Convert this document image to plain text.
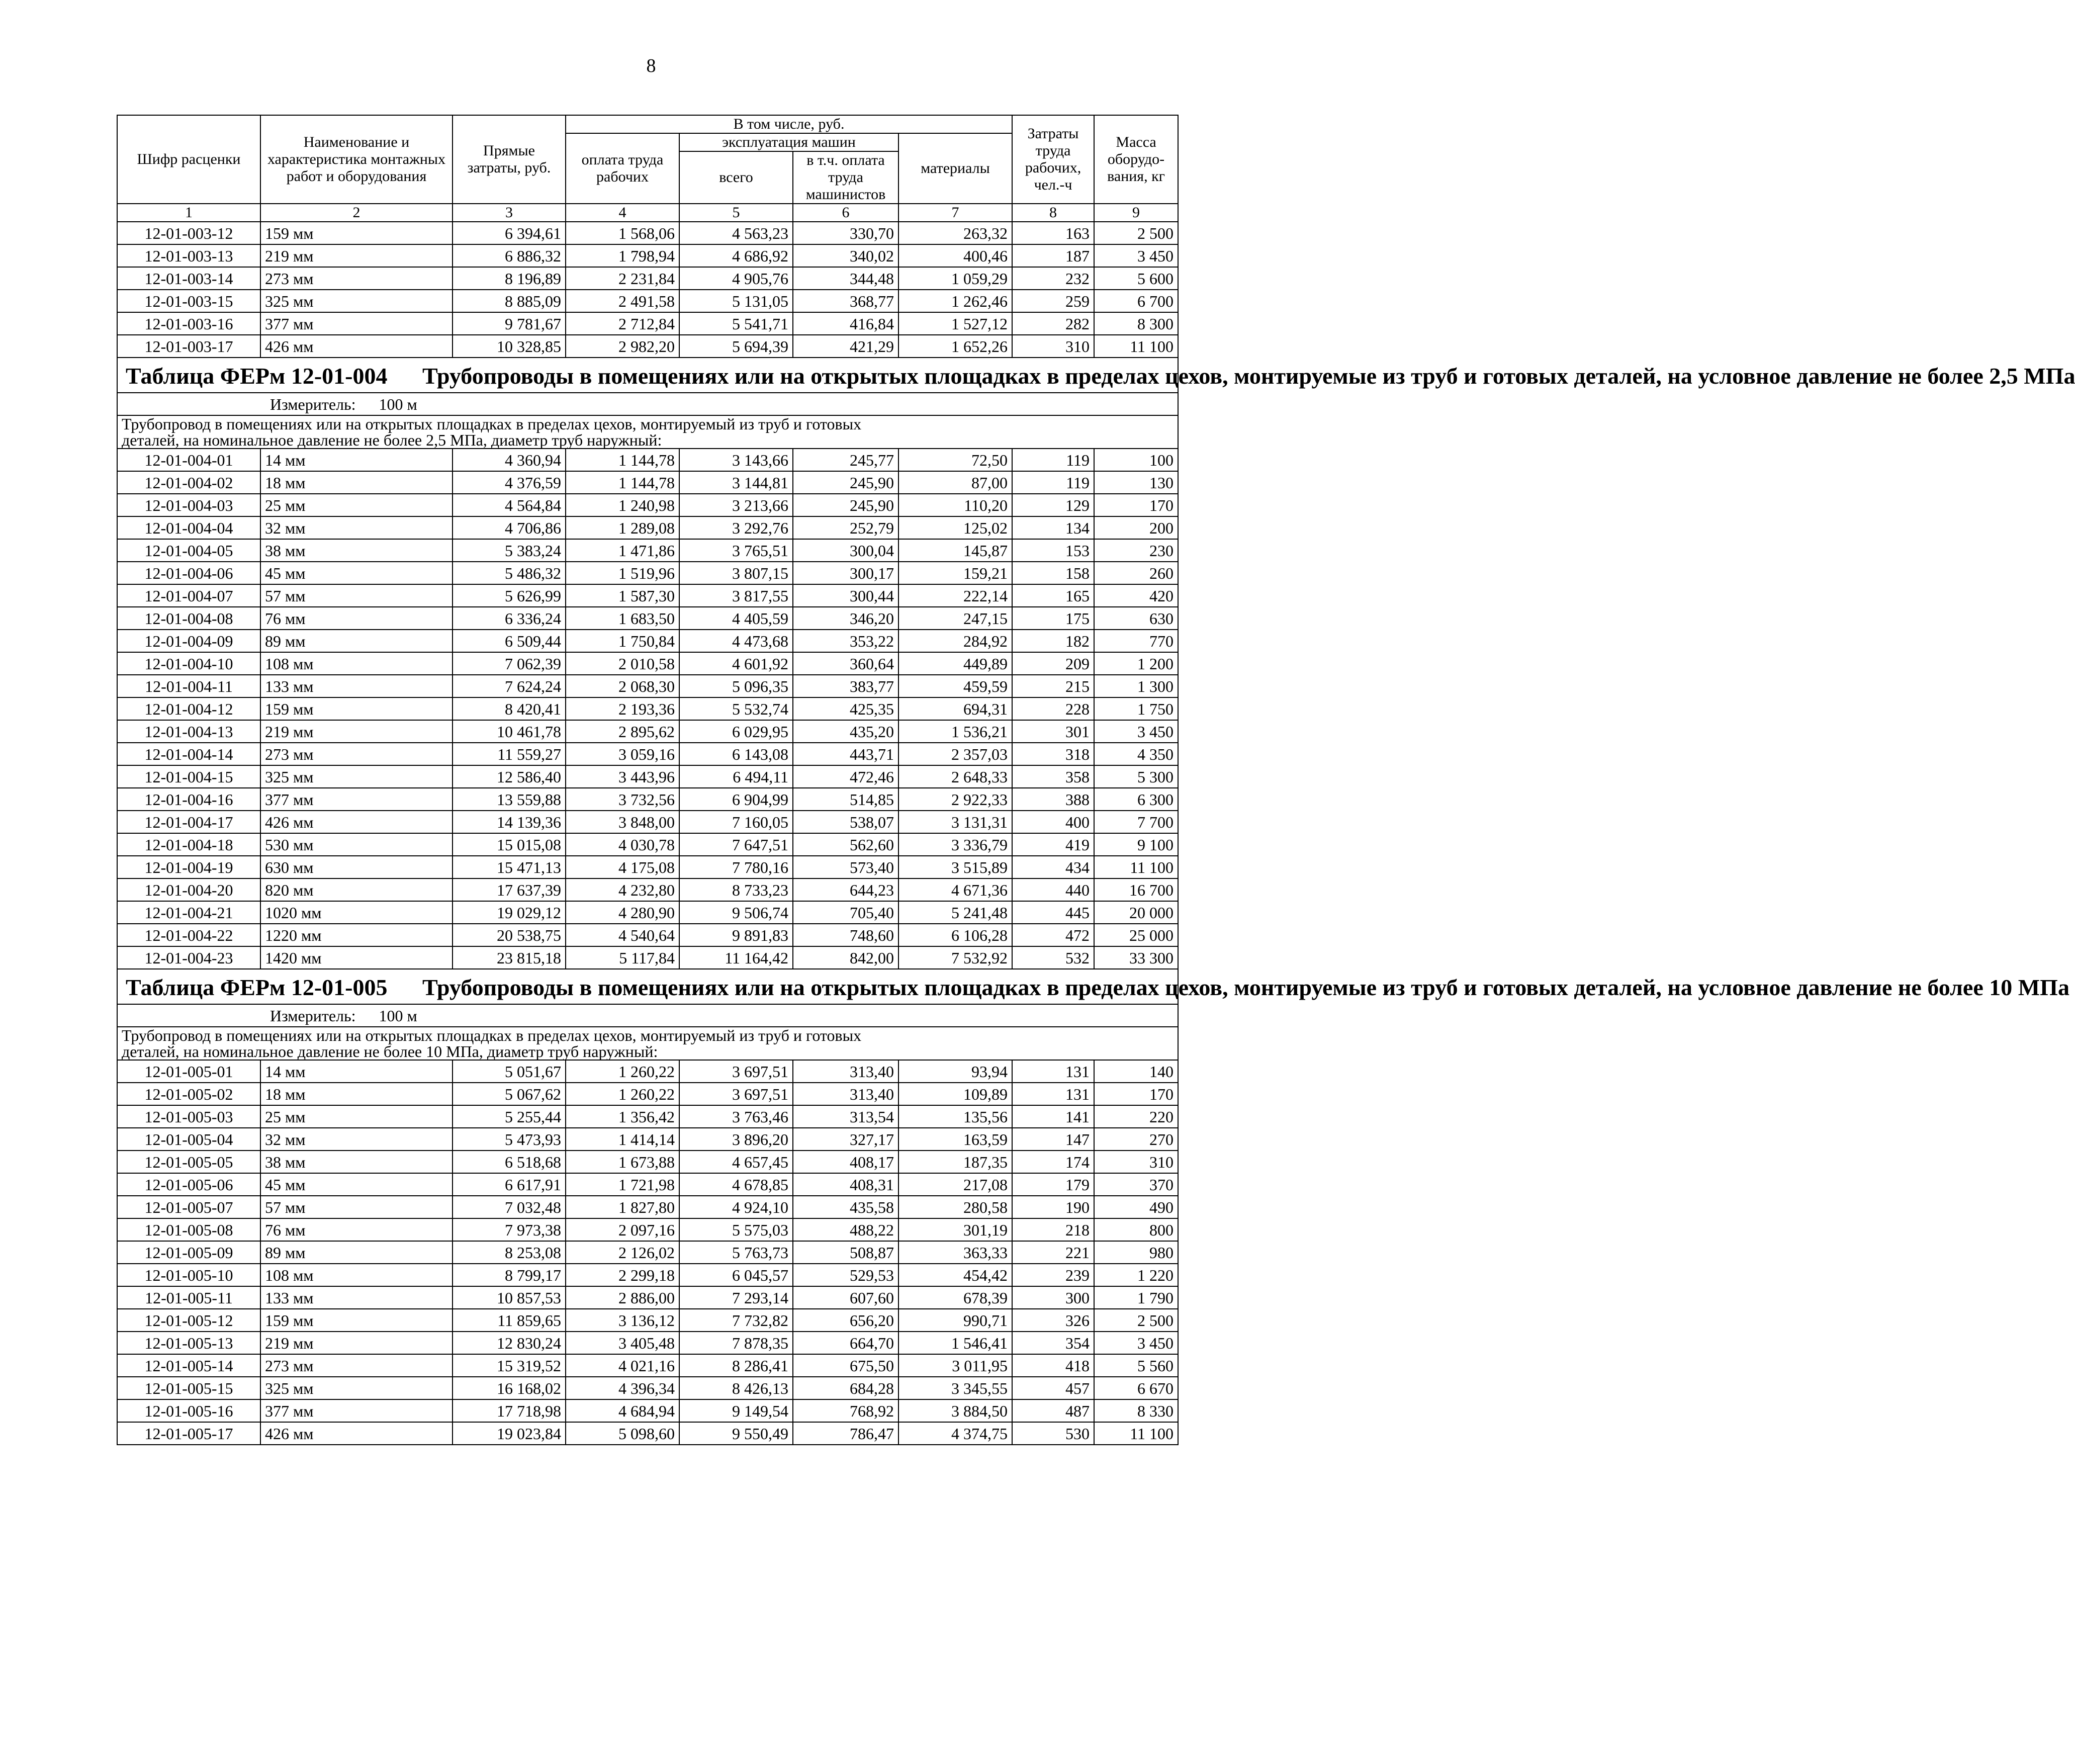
8
Шифр расценки	Наименование и характеристика монтажных работ и оборудования	Прямые затраты, руб.	В том числе, руб.				Затраты труда рабочих, чел.-ч	Масса оборудо-вания, кг
			оплата труда рабочих	эксплуатация машин		материалы		
				всего	в т.ч. оплата труда машинистов			
1	2	3	4	5	6	7	8	9
12-01-003-12	159 мм	6 394,61	1 568,06	4 563,23	330,70	263,32	163	2 500
12-01-003-13	219 мм	6 886,32	1 798,94	4 686,92	340,02	400,46	187	3 450
12-01-003-14	273 мм	8 196,89	2 231,84	4 905,76	344,48	1 059,29	232	5 600
12-01-003-15	325 мм	8 885,09	2 491,58	5 131,05	368,77	1 262,46	259	6 700
12-01-003-16	377 мм	9 781,67	2 712,84	5 541,71	416,84	1 527,12	282	8 300
12-01-003-17	426 мм	10 328,85	2 982,20	5 694,39	421,29	1 652,26	310	11 100

Таблица ФЕРм 12-01-004 Трубопроводы в помещениях или на открытых площадках в пределах цехов, монтируемые из труб и готовых деталей, на условное давление не более 2,5 МПа								

Измеритель: 100 м								

Трубопровод в помещениях или на открытых площадках в пределах цехов, монтируемый из труб и готовых
деталей, на номинальное давление не более 2,5 МПа, диаметр труб наружный:								

12-01-004-01	14 мм	4 360,94	1 144,78	3 143,66	245,77	72,50	119	100
12-01-004-02	18 мм	4 376,59	1 144,78	3 144,81	245,90	87,00	119	130
12-01-004-03	25 мм	4 564,84	1 240,98	3 213,66	245,90	110,20	129	170
12-01-004-04	32 мм	4 706,86	1 289,08	3 292,76	252,79	125,02	134	200
12-01-004-05	38 мм	5 383,24	1 471,86	3 765,51	300,04	145,87	153	230
12-01-004-06	45 мм	5 486,32	1 519,96	3 807,15	300,17	159,21	158	260
12-01-004-07	57 мм	5 626,99	1 587,30	3 817,55	300,44	222,14	165	420
12-01-004-08	76 мм	6 336,24	1 683,50	4 405,59	346,20	247,15	175	630
12-01-004-09	89 мм	6 509,44	1 750,84	4 473,68	353,22	284,92	182	770
12-01-004-10	108 мм	7 062,39	2 010,58	4 601,92	360,64	449,89	209	1 200
12-01-004-11	133 мм	7 624,24	2 068,30	5 096,35	383,77	459,59	215	1 300
12-01-004-12	159 мм	8 420,41	2 193,36	5 532,74	425,35	694,31	228	1 750
12-01-004-13	219 мм	10 461,78	2 895,62	6 029,95	435,20	1 536,21	301	3 450
12-01-004-14	273 мм	11 559,27	3 059,16	6 143,08	443,71	2 357,03	318	4 350
12-01-004-15	325 мм	12 586,40	3 443,96	6 494,11	472,46	2 648,33	358	5 300
12-01-004-16	377 мм	13 559,88	3 732,56	6 904,99	514,85	2 922,33	388	6 300
12-01-004-17	426 мм	14 139,36	3 848,00	7 160,05	538,07	3 131,31	400	7 700
12-01-004-18	530 мм	15 015,08	4 030,78	7 647,51	562,60	3 336,79	419	9 100
12-01-004-19	630 мм	15 471,13	4 175,08	7 780,16	573,40	3 515,89	434	11 100
12-01-004-20	820 мм	17 637,39	4 232,80	8 733,23	644,23	4 671,36	440	16 700
12-01-004-21	1020 мм	19 029,12	4 280,90	9 506,74	705,40	5 241,48	445	20 000
12-01-004-22	1220 мм	20 538,75	4 540,64	9 891,83	748,60	6 106,28	472	25 000
12-01-004-23	1420 мм	23 815,18	5 117,84	11 164,42	842,00	7 532,92	532	33 300

Таблица ФЕРм 12-01-005 Трубопроводы в помещениях или на открытых площадках в пределах цехов, монтируемые из труб и готовых деталей, на условное давление не более 10 МПа								

Измеритель: 100 м								

Трубопровод в помещениях или на открытых площадках в пределах цехов, монтируемый из труб и готовых
деталей, на номинальное давление не более 10 МПа, диаметр труб наружный:								

12-01-005-01	14 мм	5 051,67	1 260,22	3 697,51	313,40	93,94	131	140
12-01-005-02	18 мм	5 067,62	1 260,22	3 697,51	313,40	109,89	131	170
12-01-005-03	25 мм	5 255,44	1 356,42	3 763,46	313,54	135,56	141	220
12-01-005-04	32 мм	5 473,93	1 414,14	3 896,20	327,17	163,59	147	270
12-01-005-05	38 мм	6 518,68	1 673,88	4 657,45	408,17	187,35	174	310
12-01-005-06	45 мм	6 617,91	1 721,98	4 678,85	408,31	217,08	179	370
12-01-005-07	57 мм	7 032,48	1 827,80	4 924,10	435,58	280,58	190	490
12-01-005-08	76 мм	7 973,38	2 097,16	5 575,03	488,22	301,19	218	800
12-01-005-09	89 мм	8 253,08	2 126,02	5 763,73	508,87	363,33	221	980
12-01-005-10	108 мм	8 799,17	2 299,18	6 045,57	529,53	454,42	239	1 220
12-01-005-11	133 мм	10 857,53	2 886,00	7 293,14	607,60	678,39	300	1 790
12-01-005-12	159 мм	11 859,65	3 136,12	7 732,82	656,20	990,71	326	2 500
12-01-005-13	219 мм	12 830,24	3 405,48	7 878,35	664,70	1 546,41	354	3 450
12-01-005-14	273 мм	15 319,52	4 021,16	8 286,41	675,50	3 011,95	418	5 560
12-01-005-15	325 мм	16 168,02	4 396,34	8 426,13	684,28	3 345,55	457	6 670
12-01-005-16	377 мм	17 718,98	4 684,94	9 149,54	768,92	3 884,50	487	8 330
12-01-005-17	426 мм	19 023,84	5 098,60	9 550,49	786,47	4 374,75	530	11 100
